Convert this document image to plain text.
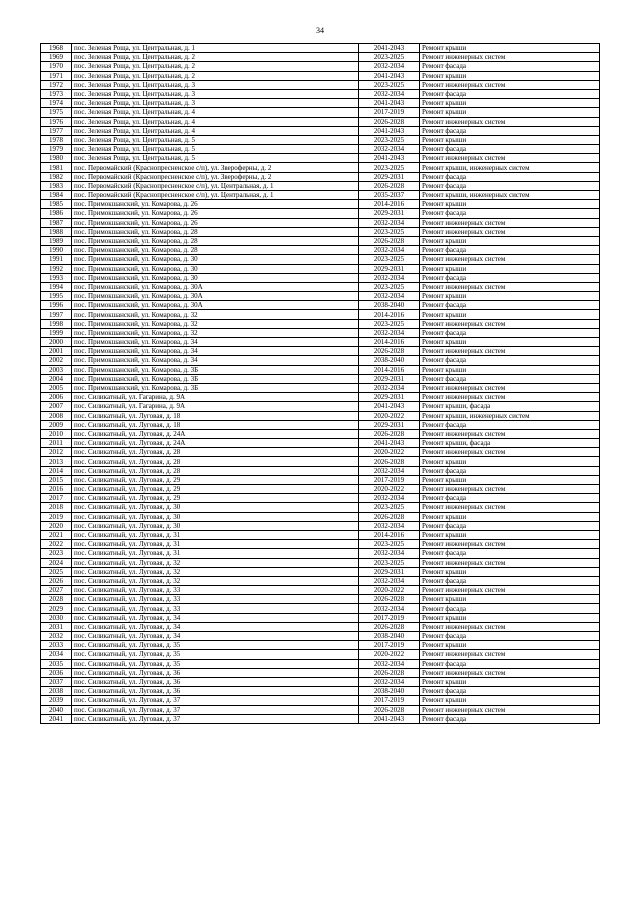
34
1968	пос. Зеленая Роща, ул. Центральная, д. 1	2041-2043	Ремонт крыши
1969	пос. Зеленая Роща, ул. Центральная, д. 2	2023-2025	Ремонт инженерных систем
1970	пос. Зеленая Роща, ул. Центральная, д. 2	2032-2034	Ремонт фасада
1971	пос. Зеленая Роща, ул. Центральная, д. 2	2041-2043	Ремонт крыши
1972	пос. Зеленая Роща, ул. Центральная, д. 3	2023-2025	Ремонт инженерных систем
1973	пос. Зеленая Роща, ул. Центральная, д. 3	2032-2034	Ремонт фасада
1974	пос. Зеленая Роща, ул. Центральная, д. 3	2041-2043	Ремонт крыши
1975	пос. Зеленая Роща, ул. Центральная, д. 4	2017-2019	Ремонт крыши
1976	пос. Зеленая Роща, ул. Центральная, д. 4	2026-2028	Ремонт инженерных систем
1977	пос. Зеленая Роща, ул. Центральная, д. 4	2041-2043	Ремонт фасада
1978	пос. Зеленая Роща, ул. Центральная, д. 5	2023-2025	Ремонт крыши
1979	пос. Зеленая Роща, ул. Центральная, д. 5	2032-2034	Ремонт фасада
1980	пос. Зеленая Роща, ул. Центральная, д. 5	2041-2043	Ремонт инженерных систем
1981	пос. Первомайский (Краснопресненское с/п), ул. Звероферны, д. 2	2023-2025	Ремонт крыши, инженерных систем
1982	пос. Первомайский (Краснопресненское с/п), ул. Звероферны, д. 2	2029-2031	Ремонт фасада
1983	пос. Первомайский (Краснопресненское с/п), ул. Центральная, д. 1	2026-2028	Ремонт фасада
1984	пос. Первомайский (Краснопресненское с/п), ул. Центральная, д. 1	2035-2037	Ремонт крыши, инженерных систем
1985	пос. Примокшанский, ул. Комарова, д. 26	2014-2016	Ремонт крыши
1986	пос. Примокшанский, ул. Комарова, д. 26	2029-2031	Ремонт фасада
1987	пос. Примокшанский, ул. Комарова, д. 26	2032-2034	Ремонт инженерных систем
1988	пос. Примокшанский, ул. Комарова, д. 28	2023-2025	Ремонт инженерных систем
1989	пос. Примокшанский, ул. Комарова, д. 28	2026-2028	Ремонт крыши
1990	пос. Примокшанский, ул. Комарова, д. 28	2032-2034	Ремонт фасада
1991	пос. Примокшанский, ул. Комарова, д. 30	2023-2025	Ремонт инженерных систем
1992	пос. Примокшанский, ул. Комарова, д. 30	2029-2031	Ремонт крыши
1993	пос. Примокшанский, ул. Комарова, д. 30	2032-2034	Ремонт фасада
1994	пос. Примокшанский, ул. Комарова, д. 30А	2023-2025	Ремонт инженерных систем
1995	пос. Примокшанский, ул. Комарова, д. 30А	2032-2034	Ремонт крыши
1996	пос. Примокшанский, ул. Комарова, д. 30А	2038-2040	Ремонт фасада
1997	пос. Примокшанский, ул. Комарова, д. 32	2014-2016	Ремонт крыши
1998	пос. Примокшанский, ул. Комарова, д. 32	2023-2025	Ремонт инженерных систем
1999	пос. Примокшанский, ул. Комарова, д. 32	2032-2034	Ремонт фасада
2000	пос. Примокшанский, ул. Комарова, д. 34	2014-2016	Ремонт крыши
2001	пос. Примокшанский, ул. Комарова, д. 34	2026-2028	Ремонт инженерных систем
2002	пос. Примокшанский, ул. Комарова, д. 34	2038-2040	Ремонт фасада
2003	пос. Примокшанский, ул. Комарова, д. 3Б	2014-2016	Ремонт крыши
2004	пос. Примокшанский, ул. Комарова, д. 3Б	2029-2031	Ремонт фасада
2005	пос. Примокшанский, ул. Комарова, д. 3Б	2032-2034	Ремонт инженерных систем
2006	пос. Силикатный, ул. Гагарина, д. 9А	2029-2031	Ремонт инженерных систем
2007	пос. Силикатный, ул. Гагарина, д. 9А	2041-2043	Ремонт крыши, фасада
2008	пос. Силикатный, ул. Луговая, д. 18	2020-2022	Ремонт крыши, инженерных систем
2009	пос. Силикатный, ул. Луговая, д. 18	2029-2031	Ремонт фасада
2010	пос. Силикатный, ул. Луговая, д. 24А	2026-2028	Ремонт инженерных систем
2011	пос. Силикатный, ул. Луговая, д. 24А	2041-2043	Ремонт крыши, фасада
2012	пос. Силикатный, ул. Луговая, д. 28	2020-2022	Ремонт инженерных систем
2013	пос. Силикатный, ул. Луговая, д. 28	2026-2028	Ремонт крыши
2014	пос. Силикатный, ул. Луговая, д. 28	2032-2034	Ремонт фасада
2015	пос. Силикатный, ул. Луговая, д. 29	2017-2019	Ремонт крыши
2016	пос. Силикатный, ул. Луговая, д. 29	2020-2022	Ремонт инженерных систем
2017	пос. Силикатный, ул. Луговая, д. 29	2032-2034	Ремонт фасада
2018	пос. Силикатный, ул. Луговая, д. 30	2023-2025	Ремонт инженерных систем
2019	пос. Силикатный, ул. Луговая, д. 30	2026-2028	Ремонт крыши
2020	пос. Силикатный, ул. Луговая, д. 30	2032-2034	Ремонт фасада
2021	пос. Силикатный, ул. Луговая, д. 31	2014-2016	Ремонт крыши
2022	пос. Силикатный, ул. Луговая, д. 31	2023-2025	Ремонт инженерных систем
2023	пос. Силикатный, ул. Луговая, д. 31	2032-2034	Ремонт фасада
2024	пос. Силикатный, ул. Луговая, д. 32	2023-2025	Ремонт инженерных систем
2025	пос. Силикатный, ул. Луговая, д. 32	2029-2031	Ремонт крыши
2026	пос. Силикатный, ул. Луговая, д. 32	2032-2034	Ремонт фасада
2027	пос. Силикатный, ул. Луговая, д. 33	2020-2022	Ремонт инженерных систем
2028	пос. Силикатный, ул. Луговая, д. 33	2026-2028	Ремонт крыши
2029	пос. Силикатный, ул. Луговая, д. 33	2032-2034	Ремонт фасада
2030	пос. Силикатный, ул. Луговая, д. 34	2017-2019	Ремонт крыши
2031	пос. Силикатный, ул. Луговая, д. 34	2026-2028	Ремонт инженерных систем
2032	пос. Силикатный, ул. Луговая, д. 34	2038-2040	Ремонт фасада
2033	пос. Силикатный, ул. Луговая, д. 35	2017-2019	Ремонт крыши
2034	пос. Силикатный, ул. Луговая, д. 35	2020-2022	Ремонт инженерных систем
2035	пос. Силикатный, ул. Луговая, д. 35	2032-2034	Ремонт фасада
2036	пос. Силикатный, ул. Луговая, д. 36	2026-2028	Ремонт инженерных систем
2037	пос. Силикатный, ул. Луговая, д. 36	2032-2034	Ремонт крыши
2038	пос. Силикатный, ул. Луговая, д. 36	2038-2040	Ремонт фасада
2039	пос. Силикатный, ул. Луговая, д. 37	2017-2019	Ремонт крыши
2040	пос. Силикатный, ул. Луговая, д. 37	2026-2028	Ремонт инженерных систем
2041	пос. Силикатный, ул. Луговая, д. 37	2041-2043	Ремонт фасада
